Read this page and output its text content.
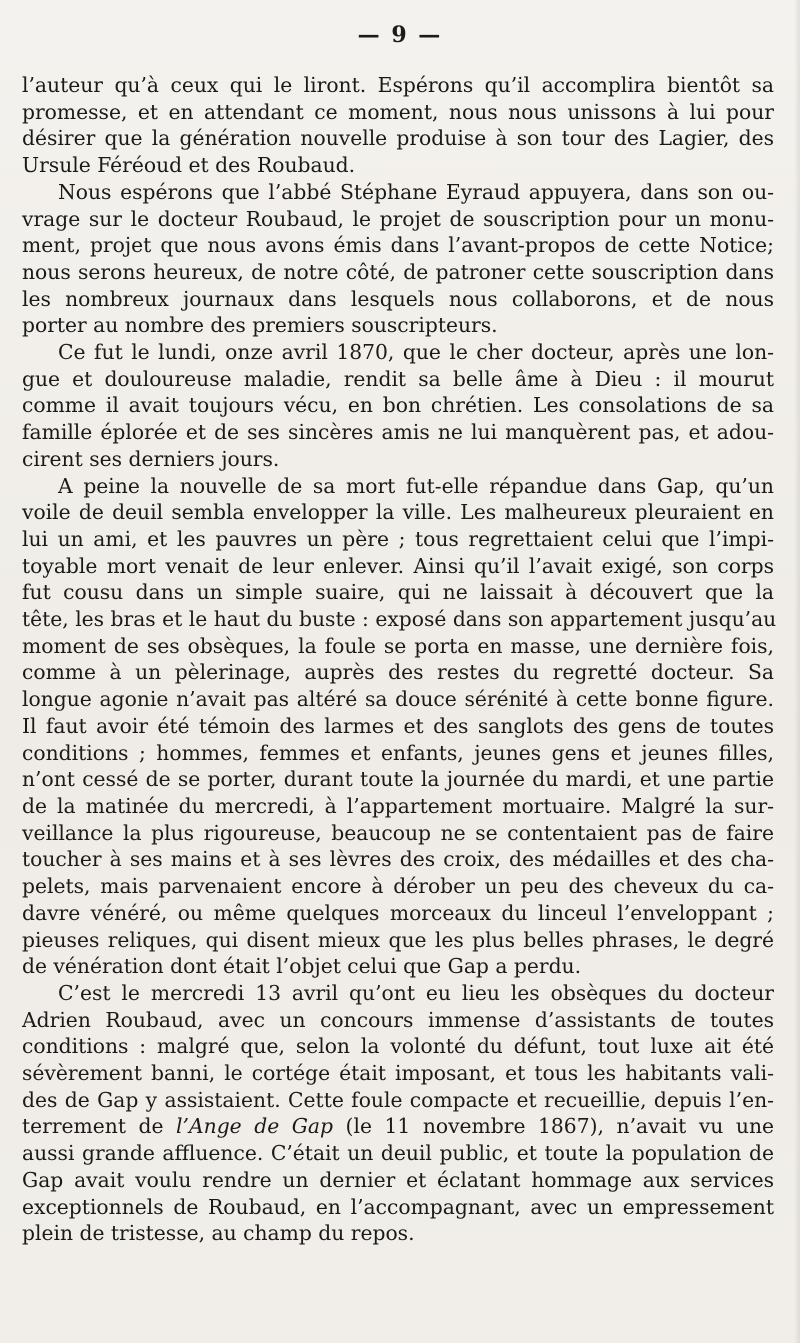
— 9 —

l’auteur qu’à ceux qui le liront. Espérons qu’il accomplira bientôt sa
promesse, et en attendant ce moment, nous nous unissons à lui pour
désirer que la génération nouvelle produise à son tour des Lagier, des
Ursule Féréoud et des Roubaud.

Nous espérons que l’abbé Stéphane Eyraud appuyera, dans son ou-
vrage sur le docteur Roubaud, le projet de souscription pour un monu-
ment, projet que nous avons émis dans l’avant-propos de cette Notice;
nous serons heureux, de notre côté, de patroner cette souscription dans
les nombreux journaux dans lesquels nous collaborons, et de nous
porter au nombre des premiers souscripteurs.

Ce fut le lundi, onze avril 1870, que le cher docteur, après une lon-
gue et douloureuse maladie, rendit sa belle âme à Dieu : il mourut
comme il avait toujours vécu, en bon chrétien. Les consolations de sa
famille éplorée et de ses sincères amis ne lui manquèrent pas, et adou-
cirent ses derniers jours.

A peine la nouvelle de sa mort fut-elle répandue dans Gap, qu’un
voile de deuil sembla envelopper la ville. Les malheureux pleuraient en
lui un ami, et les pauvres un père ; tous regrettaient celui que l’impi-
toyable mort venait de leur enlever. Ainsi qu’il l’avait exigé, son corps
fut cousu dans un simple suaire, qui ne laissait à découvert que la
tête, les bras et le haut du buste : exposé dans son appartement jusqu’au
moment de ses obsèques, la foule se porta en masse, une dernière fois,
comme à un pèlerinage, auprès des restes du regretté docteur. Sa
longue agonie n’avait pas altéré sa douce sérénité à cette bonne figure.
Il faut avoir été témoin des larmes et des sanglots des gens de toutes
conditions ; hommes, femmes et enfants, jeunes gens et jeunes filles,
n’ont cessé de se porter, durant toute la journée du mardi, et une partie
de la matinée du mercredi, à l’appartement mortuaire. Malgré la sur-
veillance la plus rigoureuse, beaucoup ne se contentaient pas de faire
toucher à ses mains et à ses lèvres des croix, des médailles et des cha-
pelets, mais parvenaient encore à dérober un peu des cheveux du ca-
davre vénéré, ou même quelques morceaux du linceul l’enveloppant ;
pieuses reliques, qui disent mieux que les plus belles phrases, le degré
de vénération dont était l’objet celui que Gap a perdu.

C’est le mercredi 13 avril qu’ont eu lieu les obsèques du docteur
Adrien Roubaud, avec un concours immense d’assistants de toutes
conditions : malgré que, selon la volonté du défunt, tout luxe ait été
sévèrement banni, le cortége était imposant, et tous les habitants vali-
des de Gap y assistaient. Cette foule compacte et recueillie, depuis l’en-
terrement de l’Ange de Gap (le 11 novembre 1867), n’avait vu une
aussi grande affluence. C’était un deuil public, et toute la population de
Gap avait voulu rendre un dernier et éclatant hommage aux services
exceptionnels de Roubaud, en l’accompagnant, avec un empressement
plein de tristesse, au champ du repos.
